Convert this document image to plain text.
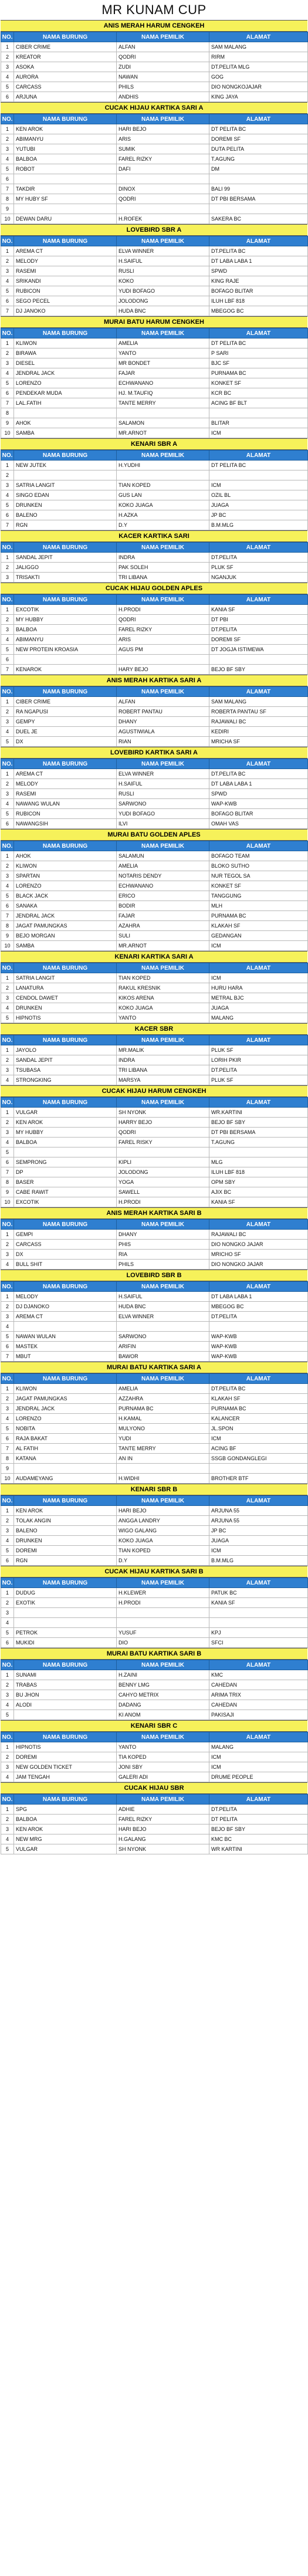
MR KUNAM CUP
ANIS MERAH HARUM CENGKEH
NO.	NAMA BURUNG	NAMA PEMILIK	ALAMAT
1	CIBER CRIME	ALFAN	SAM MALANG
2	KREATOR	QODRI	RIRM
3	ASOKA	ZUDI	DT.PELITA MLG
4	AURORA	NAWAN	GOG
5	CARCASS	PHILS	DIO NONGKOJAJAR
6	ARJUNA	ANDHIS	KING JAYA
CUCAK HIJAU KARTIKA SARI A
NO.	NAMA BURUNG	NAMA PEMILIK	ALAMAT
1	KEN AROK	HARI BEJO	DT PELITA BC
2	ABIMANYU	ARIS	DOREMI SF
3	YUTUBI	SUMIK	DUTA PELITA
4	BALBOA	FAREL RIZKY	T.AGUNG
5	ROBOT	DAFI	DM
6			
7	TAKDIR	DINOX	BALI 99
8	MY HUBY SF	QODRI	DT PBI BERSAMA
9			
10	DEWAN DARU	H.ROFEK	SAKERA BC
LOVEBIRD SBR A
NO.	NAMA BURUNG	NAMA PEMILIK	ALAMAT
1	AREMA CT	ELVA WINNER	DT.PELITA BC
2	MELODY	H.SAIFUL	DT LABA LABA 1
3	RASEMI	RUSLI	SPWD
4	SRIKANDI	KOKO	KING RAJE
5	RUBICON	YUDI BOFAGO	BOFAGO BLITAR
6	SEGO PECEL	JOLODONG	ILUH LBF 818
7	DJ JANOKO	HUDA BNC	MBEGOG BC
MURAI BATU HARUM CENGKEH
NO.	NAMA BURUNG	NAMA PEMILIK	ALAMAT
1	KLIWON	AMELIA	DT PELITA BC
2	BIRAWA	YANTO	P SARI
3	DIESEL	MR BONDET	BJC SF
4	JENDRAL JACK	FAJAR	PURNAMA BC
5	LORENZO	ECHWANANO	KONKET SF
6	PENDEKAR MUDA	HJ. M.TAUFIQ	KCR BC
7	LAL.FATIH	TANTE MERRY	ACING BF BLT
8			
9	AHOK	SALAMON	BLITAR
10	SAMBA	MR.ARNOT	ICM
KENARI SBR A
NO.	NAMA BURUNG	NAMA PEMILIK	ALAMAT
1	NEW JUTEK	H.YUDHI	DT PELITA BC
2			
3	SATRIA LANGIT	TIAN KOPED	ICM
4	SINGO EDAN	GUS LAN	OZIL BL
5	DRUNKEN	KOKO JUAGA	JUAGA
6	BALENO	H.AZKA	JP BC
7	RGN	D.Y	B.M.MLG
KACER KARTIKA SARI
NO.	NAMA BURUNG	NAMA PEMILIK	ALAMAT
1	SANDAL JEPIT	INDRA	DT.PELITA
2	JALIGGO	PAK SOLEH	PLUK SF
3	TRISAKTI	TRI LIBANA	NGANJUK
CUCAK HIJAU GOLDEN APLES
NO.	NAMA BURUNG	NAMA PEMILIK	ALAMAT
1	EXCOTIK	H.PRODI	KANIA SF
2	MY HUBBY	QODRI	DT PBI
3	BALBOA	FAREL RIZKY	DT.PELITA
4	ABIMANYU	ARIS	DOREMI SF
5	NEW PROTEIN KROASIA	AGUS PM	DT JOGJA ISTIMEWA
6			
7	KENAROK	HARY BEJO	BEJO BF SBY
ANIS MERAH KARTIKA SARI A
NO.	NAMA BURUNG	NAMA PEMILIK	ALAMAT
1	CIBER CRIME	ALFAN	SAM MALANG
2	RA NGAPUSI	ROBERT PANTAU	ROBERTA PANTAU SF
3	GEMPY	DHANY	RAJAWALI BC
4	DUEL JE	AGUSTIWIALA	KEDIRI
5	DX	RIAN	MRICHA SF
LOVEBIRD KARTIKA SARI A
NO.	NAMA BURUNG	NAMA PEMILIK	ALAMAT
1	AREMA CT	ELVA WINNER	DT.PELITA BC
2	MELODY	H.SAIFUL	DT LABA LABA 1
3	RASEMI	RUSLI	SPWD
4	NAWANG WULAN	SARWONO	WAP-KWB
5	RUBICON	YUDI BOFAGO	BOFAGO BLITAR
6	NAWANGSIH	ILVI	OMAH VAS
MURAI BATU GOLDEN APLES
NO.	NAMA BURUNG	NAMA PEMILIK	ALAMAT
1	AHOK	SALAMUN	BOFAGO TEAM
2	KLIWON	AMELIA	BLOKO SUTHO
3	SPARTAN	NOTARIS DENDY	NUR TEGOL SA
4	LORENZO	ECHWANANO	KONKET SF
5	BLACK JACK	ERICO	TANGGUNG
6	SANAKA	BODIR	MLH
7	JENDRAL JACK	FAJAR	PURNAMA BC
8	JAGAT PAMUNGKAS	AZAHRA	KLAKAH SF
9	BEJO MORGAN	SULI	GEDANGAN
10	SAMBA	MR.ARNOT	ICM
KENARI KARTIKA SARI A
NO.	NAMA BURUNG	NAMA PEMILIK	ALAMAT
1	SATRIA LANGIT	TIAN KOPED	ICM
2	LANATURA	RAKUL KRESNIK	HURU HARA
3	CENDOL DAWET	KIKOS ARENA	METRAL BJC
4	DRUNKEN	KOKO JUAGA	JUAGA
5	HIPNOTIS	YANTO	MALANG
KACER SBR
NO.	NAMA BURUNG	NAMA PEMILIK	ALAMAT
1	JAYOLO	MR.MALIK	PLUK SF
2	SANDAL JEPIT	INDRA	LORIH PKIR
3	TSUBASA	TRI LIBANA	DT.PELITA
4	STRONGKING	MARSYA	PLUK SF
CUCAK HIJAU HARUM CENGKEH
NO.	NAMA BURUNG	NAMA PEMILIK	ALAMAT
1	VULGAR	SH NYONK	WR.KARTINI
2	KEN AROK	HARRY BEJO	BEJO BF SBY
3	MY HUBBY	QODRI	DT PBI BERSAMA
4	BALBOA	FAREL RISKY	T.AGUNG
5			
6	SEMPRONG	KIPLI	MLG
7	DP	JOLODONG	ILUH LBF 818
8	BASER	YOGA	OPM SBY
9	CABE RAWIT	SAWELL	AJIX BC
10	EXCOTIK	H.PRODI	KANIA SF
ANIS MERAH KARTIKA SARI B
NO.	NAMA BURUNG	NAMA PEMILIK	ALAMAT
1	GEMPI	DHANY	RAJAWALI BC
2	CARCASS	PHIS	DIO NONGKO JAJAR
3	DX	RIA	MRICHO SF
4	BULL SHIT	PHILS	DIO NONGKO JAJAR
LOVEBIRD SBR B
NO.	NAMA BURUNG	NAMA PEMILIK	ALAMAT
1	MELODY	H.SAIFUL	DT LABA LABA 1
2	DJ DJANOKO	HUDA BNC	MBEGOG BC
3	AREMA CT	ELVA WINNER	DT.PELITA
4			
5	NAWAN WULAN	SARWONO	WAP-KWB
6	MASTEK	ARIFIN	WAP-KWB
7	MBUT	BAWOR	WAP-KWB
MURAI BATU KARTIKA SARI A
NO.	NAMA BURUNG	NAMA PEMILIK	ALAMAT
1	KLIWON	AMELIA	DT.PELITA BC
2	JAGAT PAMUNGKAS	AZZAHRA	KLAKAH SF
3	JENDRAL JACK	PURNAMA BC	PURNAMA BC
4	LORENZO	H.KAMAL	KALANCER
5	NOBITA	MULYONO	JL.SPON
6	RAJA BAKAT	YUDI	ICM
7	AL FATIH	TANTE MERRY	ACING BF
8	KATANA	AN IN	SSGB GONDANGLEGI
9			
10	AUDAMEYANG	H.WIDHI	BROTHER BTF
KENARI SBR B
NO.	NAMA BURUNG	NAMA PEMILIK	ALAMAT
1	KEN AROK	HARI BEJO	ARJUNA 55
2	TOLAK ANGIN	ANGGA LANDRY	ARJUNA 55
3	BALENO	WIGO GALANG	JP BC
4	DRUNKEN	KOKO JUAGA	JUAGA
5	DOREMI	TIAN KOPED	ICM
6	RGN	D.Y	B.M.MLG
CUCAK HIJAU KARTIKA SARI B
NO.	NAMA BURUNG	NAMA PEMILIK	ALAMAT
1	DUDUG	H.KLEWER	PATUK BC
2	EXOTIK	H.PRODI	KANIA SF
3			
4			
5	PETROK	YUSUF	KPJ
6	MUKIDI	DIO	SFCI
MURAI BATU KARTIKA SARI B
NO.	NAMA BURUNG	NAMA PEMILIK	ALAMAT
1	SUNAMI	H.ZAINI	KMC
2	TRABAS	BENNY LMG	CAHEDAN
3	BU JHON	CAHYO METRIX	ARIMA TRIX
4	ALODI	DADANG	CAHEDAN
5		KI ANOM	PAKISAJI
KENARI SBR C
NO.	NAMA BURUNG	NAMA PEMILIK	ALAMAT
1	HIPNOTIS	YANTO	MALANG
2	DOREMI	TIA KOPED	ICM
3	NEW GOLDEN TICKET	JONI SBY	ICM
4	JAM TENGAH	GALERI ADI	DRUME PEOPLE
CUCAK HIJAU SBR
NO.	NAMA BURUNG	NAMA PEMILIK	ALAMAT
1	SPG	ADHIE	DT.PELITA
2	BALBOA	FAREL RIZKY	DT PELITA
3	KEN AROK	HARI BEJO	BEJO BF SBY
4	NEW MRG	H.GALANG	KMC BC
5	VULGAR	SH NYONK	WR KARTINI
